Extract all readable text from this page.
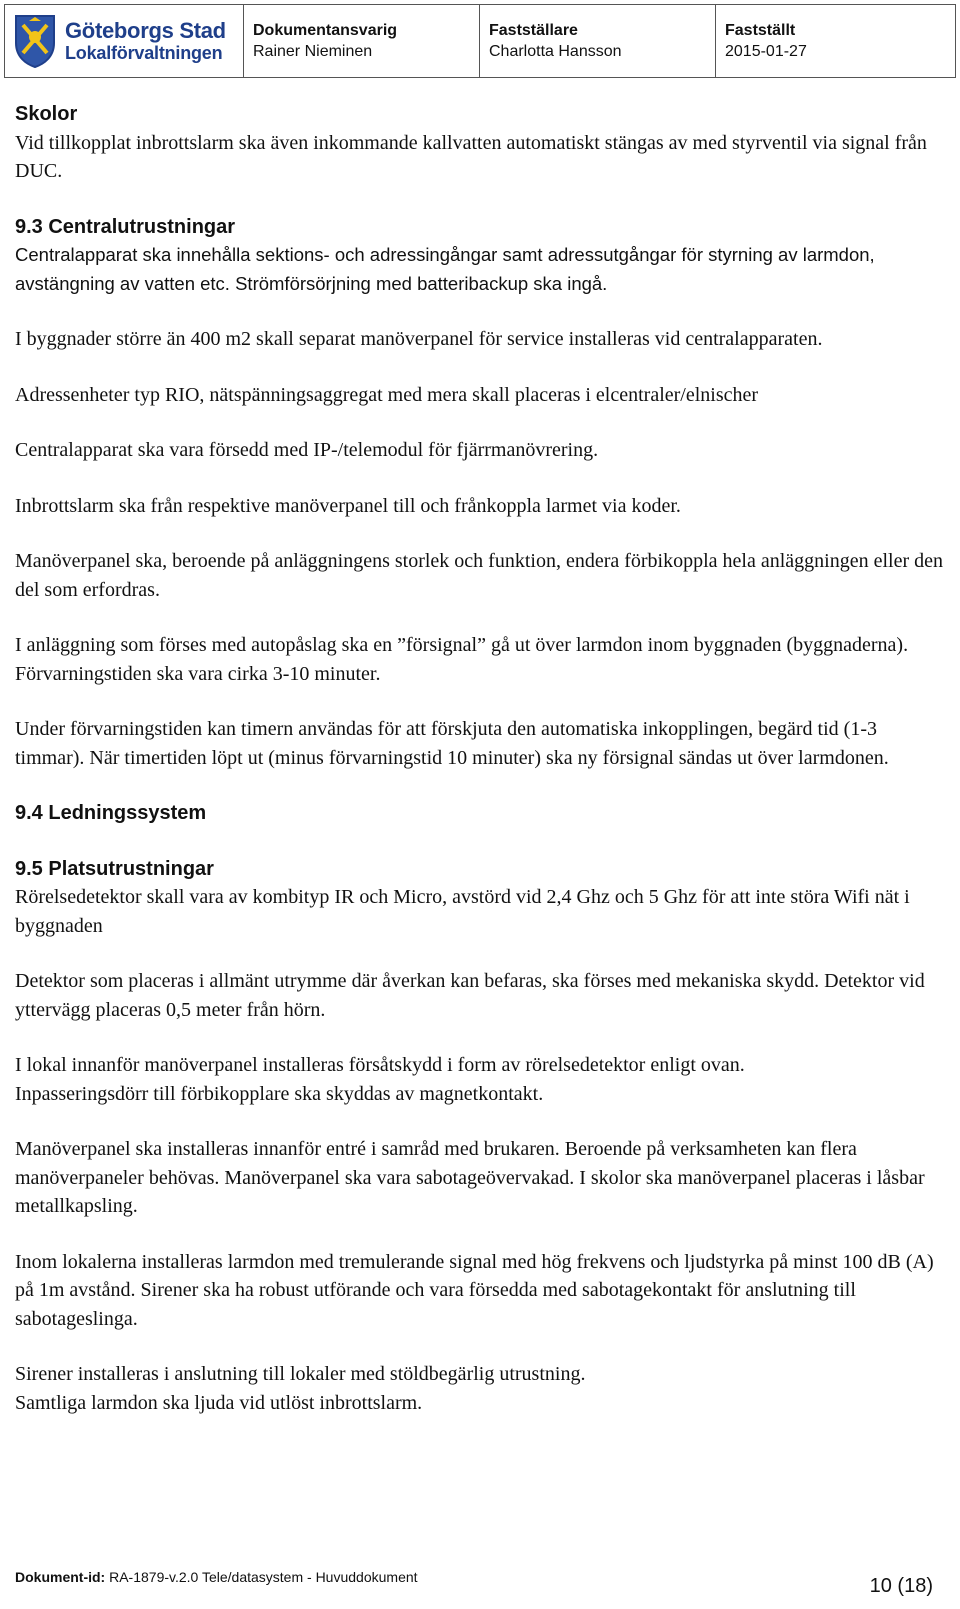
Göteborgs Stad
Lokalförvaltningen
Dokumentansvarig
Rainer Nieminen
Fastställare
Charlotta Hansson
Fastställt
2015-01-27

Skolor
Vid tillkopplat inbrottslarm ska även inkommande kallvatten automatiskt stängas av med styrventil via signal från DUC.

9.3 Centralutrustningar
Centralapparat ska innehålla sektions- och adressingångar samt adressutgångar för styrning av larmdon, avstängning av vatten etc. Strömförsörjning med batteribackup ska ingå.

I byggnader större än 400 m2 skall separat manöverpanel för service installeras vid centralapparaten.

Adressenheter typ RIO, nätspänningsaggregat med mera skall placeras i elcentraler/elnischer

Centralapparat ska vara försedd med IP-/telemodul för fjärrmanövrering.

Inbrottslarm ska från respektive manöverpanel till och frånkoppla larmet via koder.

Manöverpanel ska, beroende på anläggningens storlek och funktion, endera förbikoppla hela anläggningen eller den del som erfordras.

I anläggning som förses med autopåslag ska en ”försignal” gå ut över larmdon inom byggnaden (byggnaderna). Förvarningstiden ska vara cirka 3-10 minuter.

Under förvarningstiden kan timern användas för att förskjuta den automatiska inkopplingen, begärd tid (1-3 timmar). När timertiden löpt ut (minus förvarningstid 10 minuter) ska ny försignal sändas ut över larmdonen.

9.4 Ledningssystem

9.5 Platsutrustningar
Rörelsedetektor skall vara av kombityp IR och Micro, avstörd vid 2,4 Ghz och 5 Ghz för att inte störa Wifi nät i byggnaden

Detektor som placeras i allmänt utrymme där åverkan kan befaras, ska förses med mekaniska skydd. Detektor vid yttervägg placeras 0,5 meter från hörn.

I lokal innanför manöverpanel installeras försåtskydd i form av rörelsedetektor enligt ovan.
Inpasseringsdörr till förbikopplare ska skyddas av magnetkontakt.

Manöverpanel ska installeras innanför entré i samråd med brukaren. Beroende på verksamheten kan flera manöverpaneler behövas. Manöverpanel ska vara sabotageövervakad. I skolor ska manöverpanel placeras i låsbar metallkapsling.

Inom lokalerna installeras larmdon med tremulerande signal med hög frekvens och ljudstyrka på minst 100 dB (A) på 1m avstånd. Sirener ska ha robust utförande och vara försedda med sabotagekontakt för anslutning till sabotageslinga.

Sirener installeras i anslutning till lokaler med stöldbegärlig utrustning.
Samtliga larmdon ska ljuda vid utlöst inbrottslarm.

Dokument-id: RA-1879-v.2.0 Tele/datasystem - Huvuddokument	10 (18)
